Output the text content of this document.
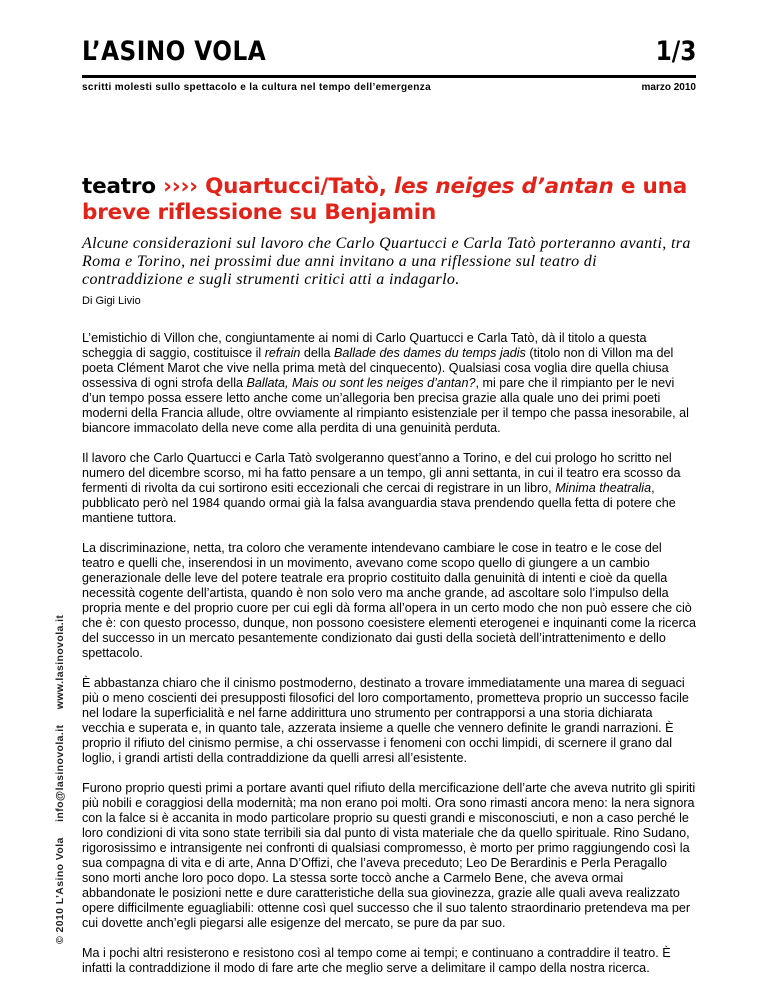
L’ASINO VOLA	1/3
scritti molesti sullo spettacolo e la cultura nel tempo dell’emergenza	marzo 2010
© 2010 L’Asino Vola info@lasinovola.it www.lasinovola.it
teatro ›››› Quartucci/Tatò, les neiges d’antan e una breve riflessione su Benjamin

Alcune considerazioni sul lavoro che Carlo Quartucci e Carla Tatò porteranno avanti, tra Roma e Torino, nei prossimi due anni invitano a una riflessione sul teatro di contraddizione e sugli strumenti critici atti a indagarlo.

Di Gigi Livio

L’emistichio di Villon che, congiuntamente ai nomi di Carlo Quartucci e Carla Tatò, dà il titolo a questa scheggia di saggio, costituisce il refrain della Ballade des dames du temps jadis (titolo non di Villon ma del poeta Clément Marot che vive nella prima metà del cinquecento). Qualsiasi cosa voglia dire quella chiusa ossessiva di ogni strofa della Ballata, Mais ou sont les neiges d’antan?, mi pare che il rimpianto per le nevi d’un tempo possa essere letto anche come un’allegoria ben precisa grazie alla quale uno dei primi poeti moderni della Francia allude, oltre ovviamente al rimpianto esistenziale per il tempo che passa inesorabile, al biancore immacolato della neve come alla perdita di una genuinità perduta.

Il lavoro che Carlo Quartucci e Carla Tatò svolgeranno quest’anno a Torino, e del cui prologo ho scritto nel numero del dicembre scorso, mi ha fatto pensare a un tempo, gli anni settanta, in cui il teatro era scosso da fermenti di rivolta da cui sortirono esiti eccezionali che cercai di registrare in un libro, Minima theatralia, pubblicato però nel 1984 quando ormai già la falsa avanguardia stava prendendo quella fetta di potere che mantiene tuttora.

La discriminazione, netta, tra coloro che veramente intendevano cambiare le cose in teatro e le cose del teatro e quelli che, inserendosi in un movimento, avevano come scopo quello di giungere a un cambio generazionale delle leve del potere teatrale era proprio costituito dalla genuinità di intenti e cioè da quella necessità cogente dell’artista, quando è non solo vero ma anche grande, ad ascoltare solo l’impulso della propria mente e del proprio cuore per cui egli dà forma all’opera in un certo modo che non può essere che ciò che è: con questo processo, dunque, non possono coesistere elementi eterogenei e inquinanti come la ricerca del successo in un mercato pesantemente condizionato dai gusti della società dell’intrattenimento e dello spettacolo.

È abbastanza chiaro che il cinismo postmoderno, destinato a trovare immediatamente una marea di seguaci più o meno coscienti dei presupposti filosofici del loro comportamento, prometteva proprio un successo facile nel lodare la superficialità e nel farne addirittura uno strumento per contrapporsi a una storia dichiarata vecchia e superata e, in quanto tale, azzerata insieme a quelle che vennero definite le grandi narrazioni. È proprio il rifiuto del cinismo permise, a chi osservasse i fenomeni con occhi limpidi, di scernere il grano dal loglio, i grandi artisti della contraddizione da quelli arresi all’esistente.

Furono proprio questi primi a portare avanti quel rifiuto della mercificazione dell’arte che aveva nutrito gli spiriti più nobili e coraggiosi della modernità; ma non erano poi molti. Ora sono rimasti ancora meno: la nera signora con la falce si è accanita in modo particolare proprio su questi grandi e misconosciuti, e non a caso perché le loro condizioni di vita sono state terribili sia dal punto di vista materiale che da quello spirituale. Rino Sudano, rigorosissimo e intransigente nei confronti di qualsiasi compromesso, è morto per primo raggiungendo così la sua compagna di vita e di arte, Anna D’Offizi, che l’aveva preceduto; Leo De Berardinis e Perla Peragallo sono morti anche loro poco dopo. La stessa sorte toccò anche a Carmelo Bene, che aveva ormai abbandonate le posizioni nette e dure caratteristiche della sua giovinezza, grazie alle quali aveva realizzato opere difficilmente eguagliabili: ottenne così quel successo che il suo talento straordinario pretendeva ma per cui dovette anch’egli piegarsi alle esigenze del mercato, se pure da par suo.

Ma i pochi altri resisterono e resistono così al tempo come ai tempi; e continuano a contraddire il teatro. È infatti la contraddizione il modo di fare arte che meglio serve a delimitare il campo della nostra ricerca.
